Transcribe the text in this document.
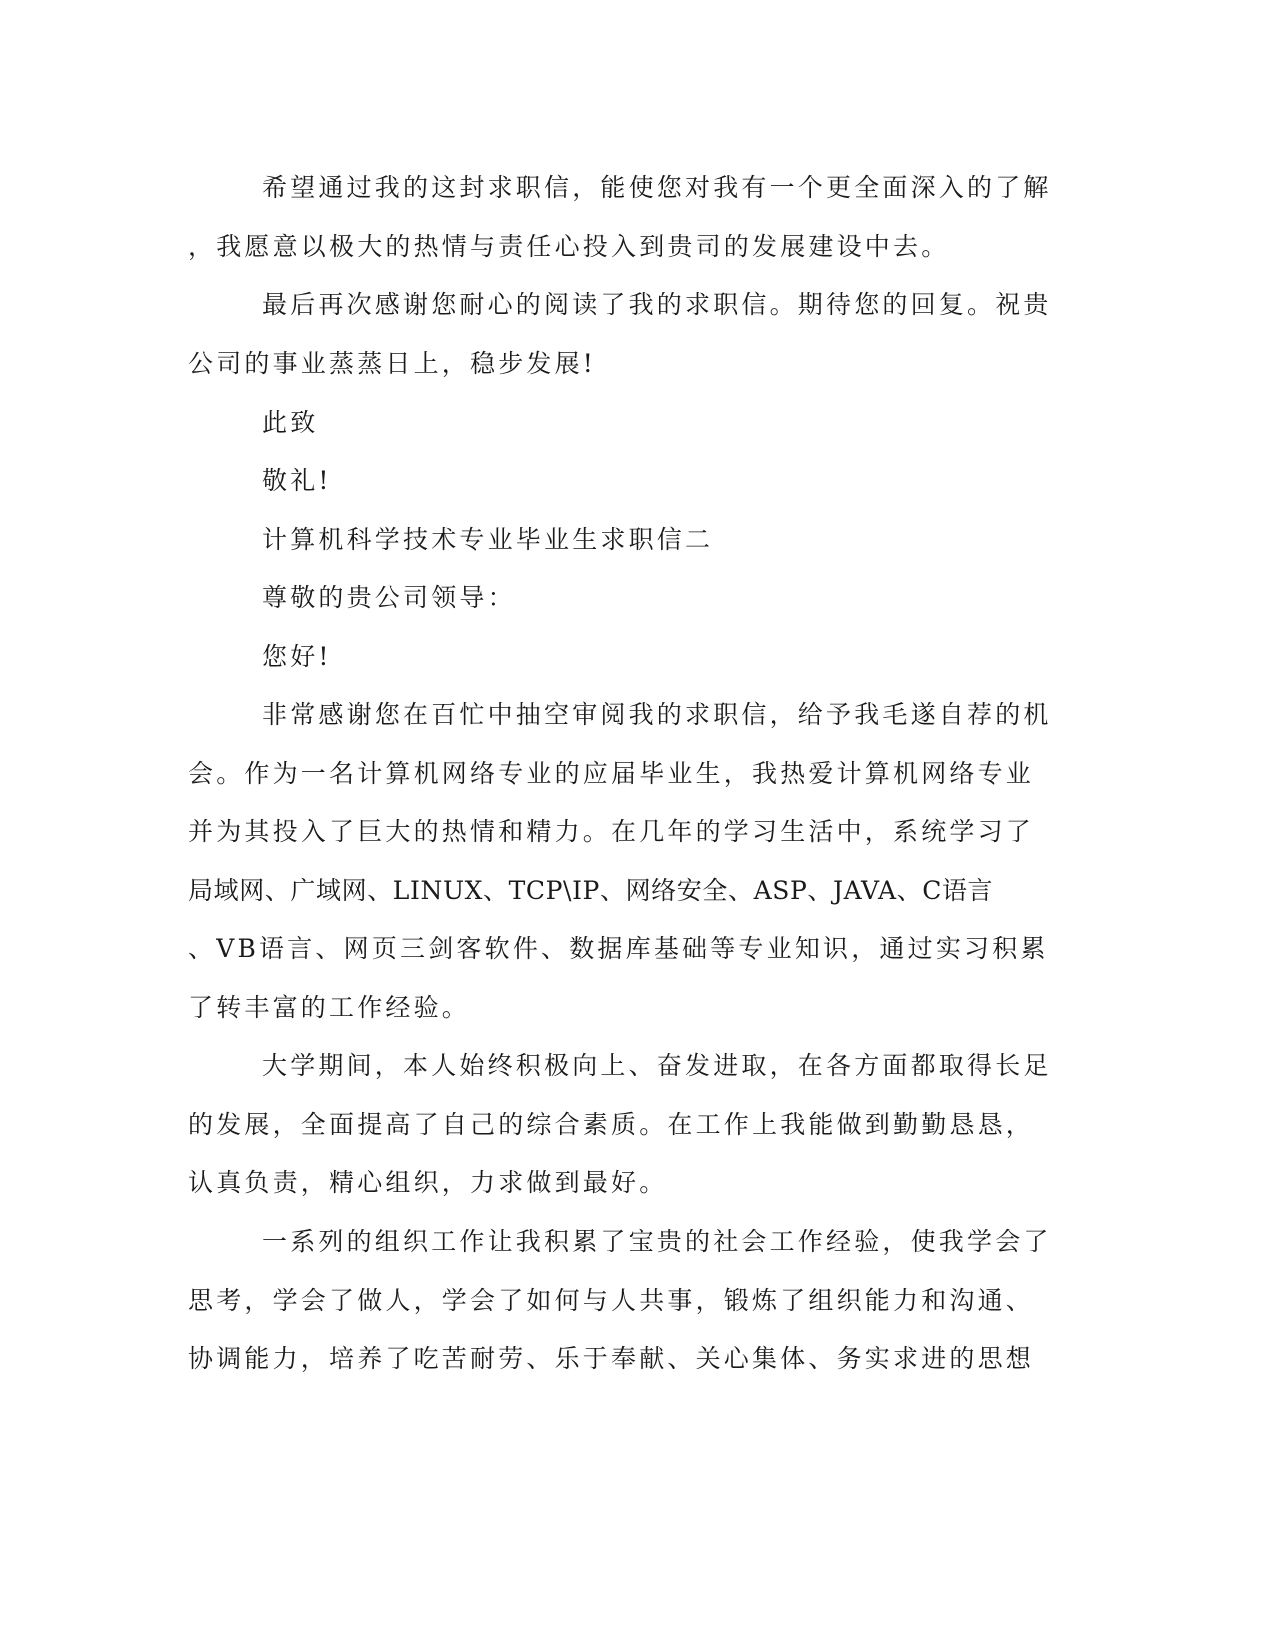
希望通过我的这封求职信，能使您对我有一个更全面深入的了解
，我愿意以极大的热情与责任心投入到贵司的发展建设中去。
最后再次感谢您耐心的阅读了我的求职信。期待您的回复。祝贵
公司的事业蒸蒸日上，稳步发展!
此致
敬礼!
计算机科学技术专业毕业生求职信二
尊敬的贵公司领导：
您好!
非常感谢您在百忙中抽空审阅我的求职信，给予我毛遂自荐的机
会。作为一名计算机网络专业的应届毕业生，我热爱计算机网络专业
并为其投入了巨大的热情和精力。在几年的学习生活中，系统学习了
局域网、广域网、LINUX、TCP\IP、网络安全、ASP、JAVA、C语言
、VB语言、网页三剑客软件、数据库基础等专业知识，通过实习积累
了转丰富的工作经验。
大学期间，本人始终积极向上、奋发进取，在各方面都取得长足
的发展，全面提高了自己的综合素质。在工作上我能做到勤勤恳恳，
认真负责，精心组织，力求做到最好。
一系列的组织工作让我积累了宝贵的社会工作经验，使我学会了
思考，学会了做人，学会了如何与人共事，锻炼了组织能力和沟通、
协调能力，培养了吃苦耐劳、乐于奉献、关心集体、务实求进的思想
